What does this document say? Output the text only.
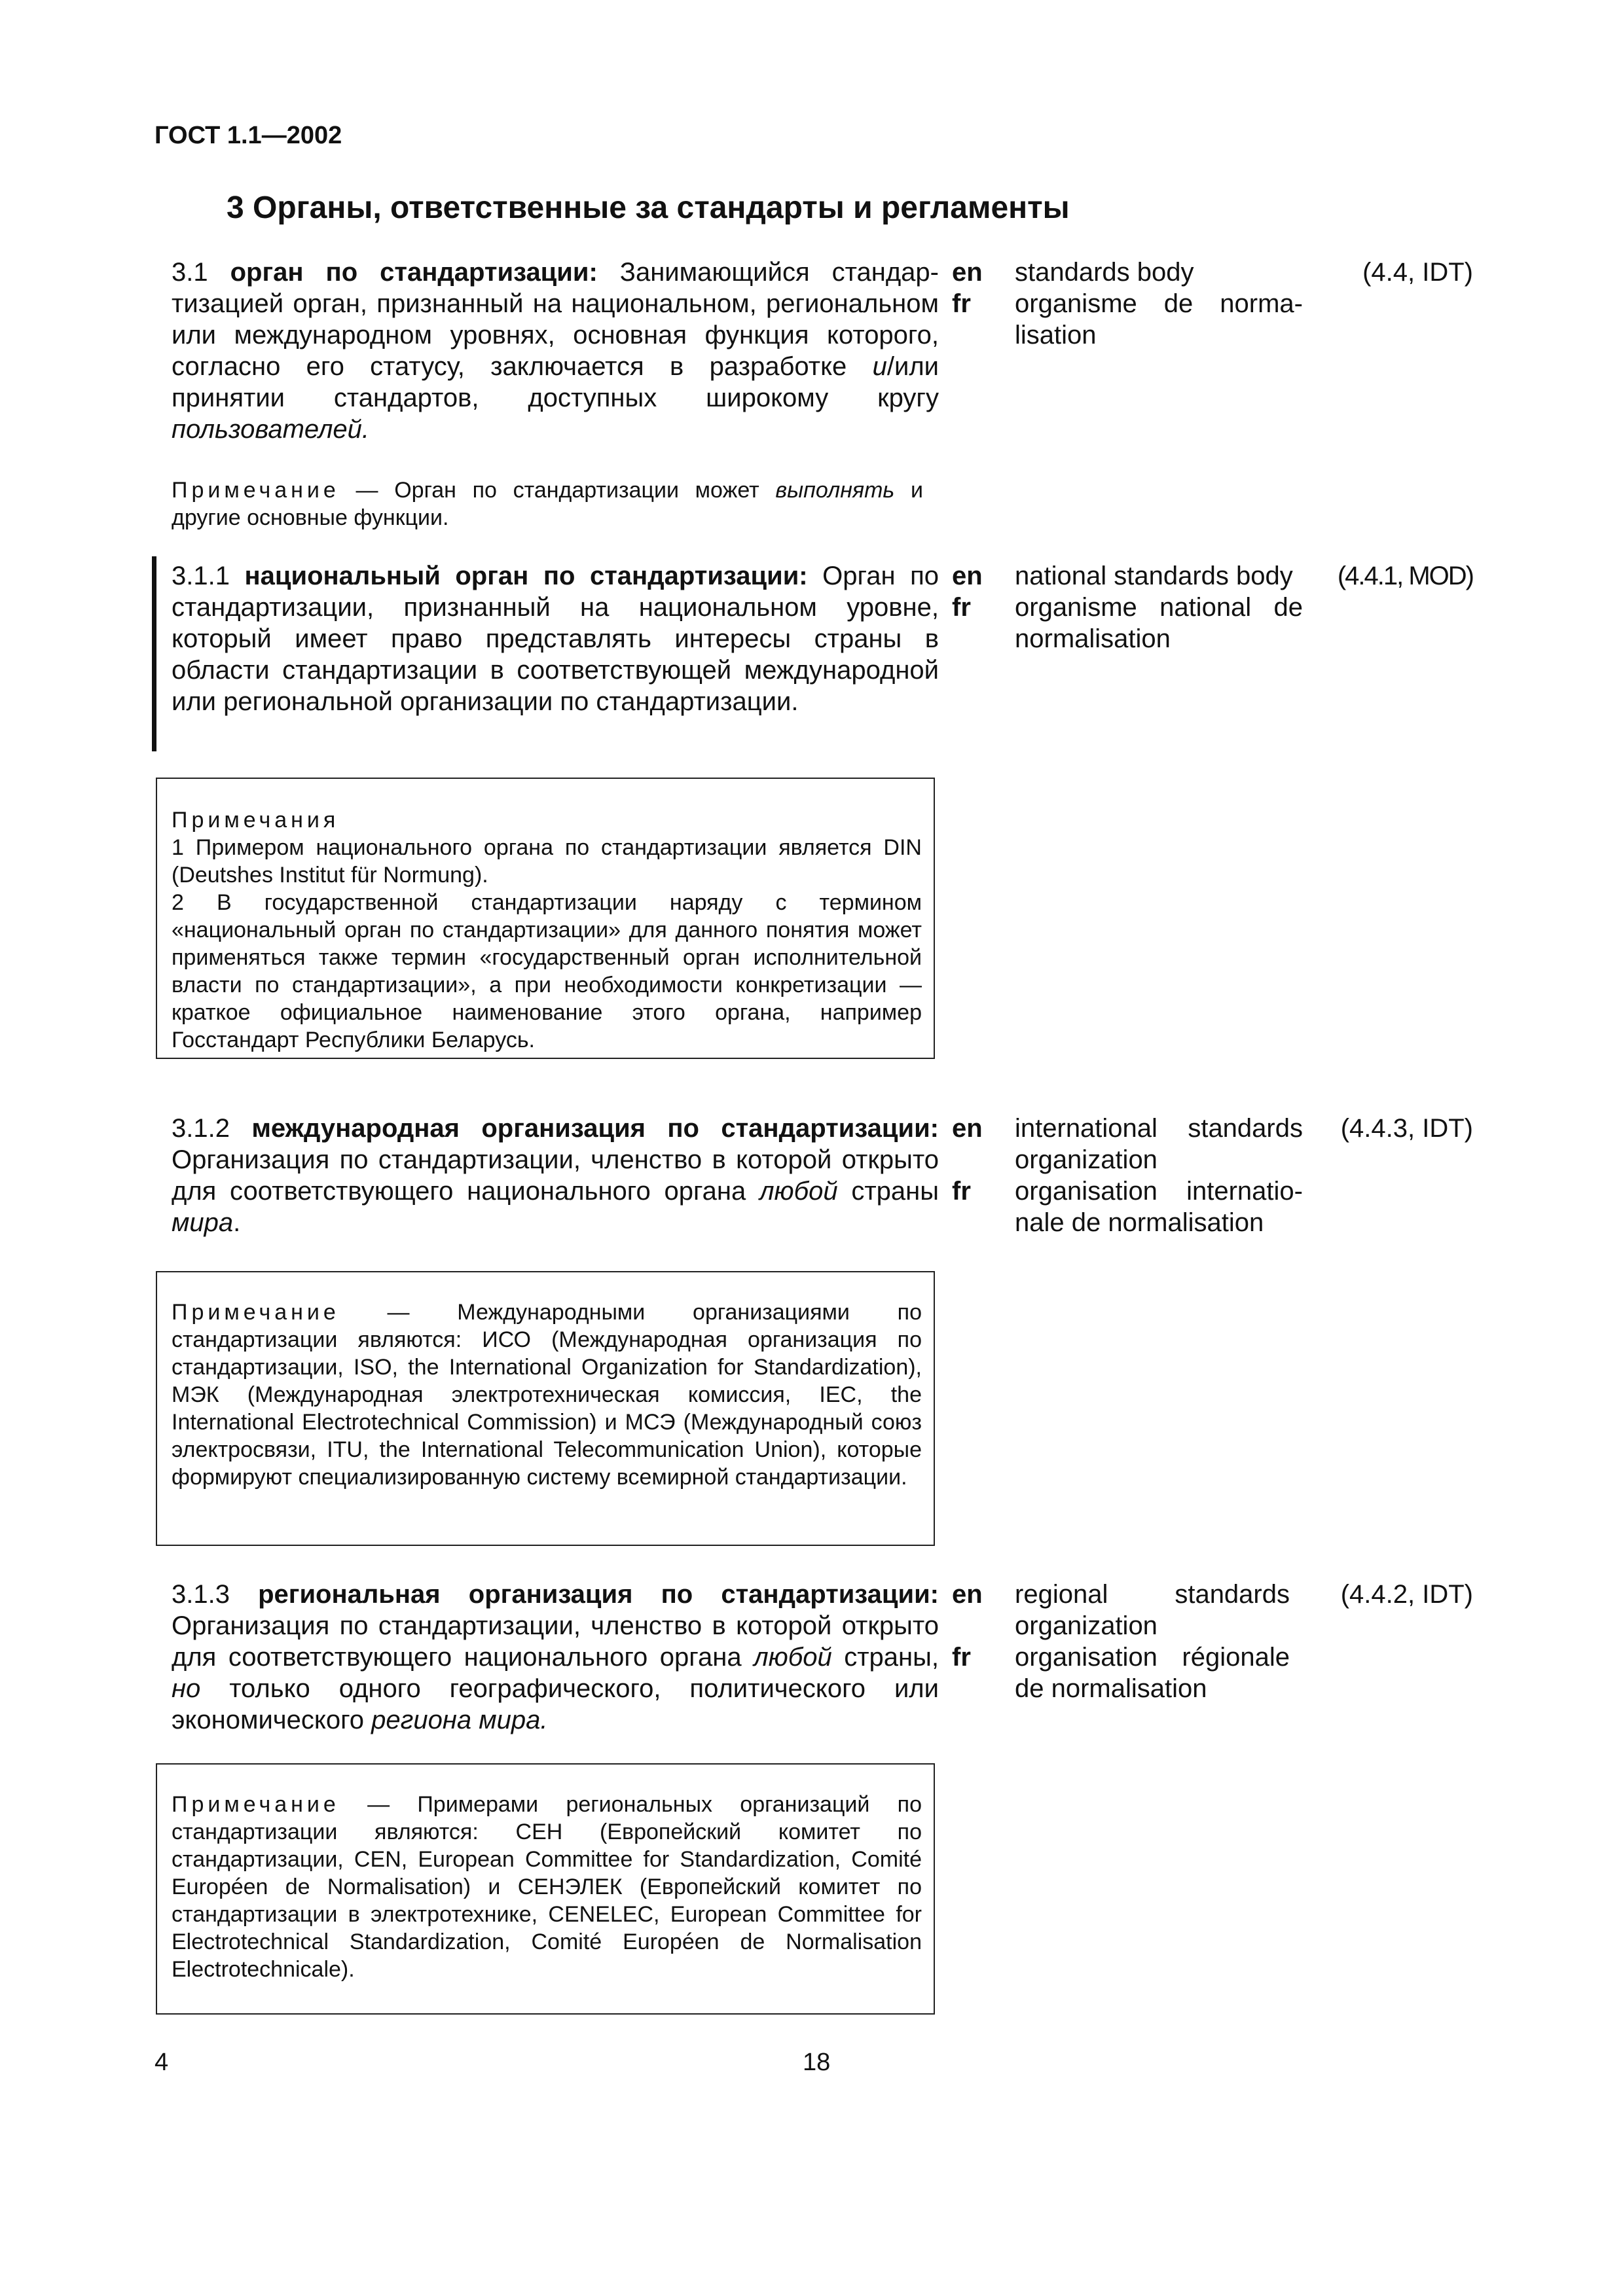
ГОСТ 1.1—2002
3 Органы, ответственные за стандарты и регламенты
3.1 орган по стандартизации: Занимающийся стандартизацией орган, признанный на национальном, региональном или международном уровнях, основная функция которого, согласно его статусу, заключается в разработке и/или принятии стандартов, доступных широкому кругу пользователей.
en
fr
standards body
organisme de normalisation
(4.4, IDT)
Примечание — Орган по стандартизации может выполнять и другие основные функции.
3.1.1 национальный орган по стандартизации: Орган по стандартизации, признанный на национальном уровне, который имеет право представлять интересы страны в области стандартизации в соответствующей международной или региональной организации по стандартизации.
en
fr
national standards body
organisme national de normalisation
(4.4.1, MOD)
Примечания
1 Примером национального органа по стандартизации является DIN (Deutshes Institut für Normung).
2 В государственной стандартизации наряду с термином «национальный орган по стандартизации» для данного понятия может применяться также термин «государственный орган исполнительной власти по стандартизации», а при необходимости конкретизации — краткое официальное наименование этого органа, например Госстандарт Республики Беларусь.
3.1.2 международная организация по стандартизации: Организация по стандартизации, членство в которой открыто для соответствующего национального органа любой страны мира.
en
fr
international standards organization
organisation internationale de normalisation
(4.4.3, IDT)
Примечание — Международными организациями по стандартизации являются: ИСО (Международная организация по стандартизации, ISO, the International Organization for Standardization), МЭК (Международная электротехническая комиссия, IEC, the International Electrotechnical Commission) и МСЭ (Международный союз электросвязи, ITU, the International Telecommunication Union), которые формируют специализированную систему всемирной стандартизации.
3.1.3 региональная организация по стандартизации: Организация по стандартизации, членство в которой открыто для соответствующего национального органа любой страны, но только одного географического, политического или экономического региона мира.
en
fr
regional standards organization
organisation régionale de normalisation
(4.4.2, IDT)
Примечание — Примерами региональных организаций по стандартизации являются: СЕН (Европейский комитет по стандартизации, CEN, European Committee for Standardization, Comité Européen de Normalisation) и СЕНЭЛЕК (Европейский комитет по стандартизации в электротехнике, CENELEC, European Committee for Electrotechnical Standardization, Comité Européen de Normalisation Electrotechnicale).
4	18
